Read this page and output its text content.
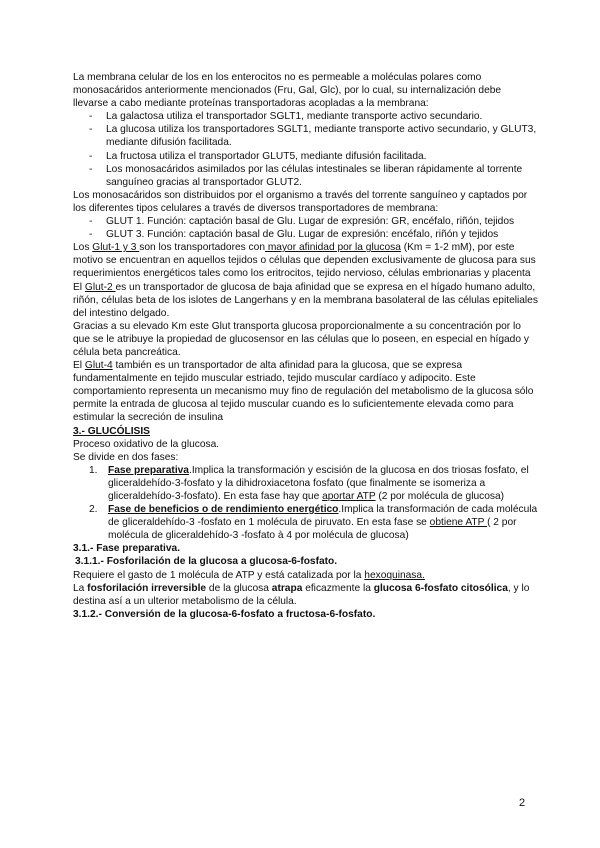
La membrana celular de los en los enterocitos no es permeable a moléculas polares como monosacáridos anteriormente mencionados (Fru, Gal, Glc), por lo cual, su internalización debe llevarse a cabo mediante proteínas transportadoras acopladas a la membrana:

- La galactosa utiliza el transportador SGLT1, mediante transporte activo secundario.
- La glucosa utiliza los transportadores SGLT1, mediante transporte activo secundario, y GLUT3, mediante difusión facilitada.
- La fructosa utiliza el transportador GLUT5, mediante difusión facilitada.
- Los monosacáridos asimilados por las células intestinales se liberan rápidamente al torrente sanguíneo gracias al transportador GLUT2.

Los monosacáridos son distribuidos por el organismo a través del torrente sanguíneo y captados por los diferentes tipos celulares a través de diversos transportadores de membrana:

- GLUT 1. Función: captación basal de Glu. Lugar de expresión: GR, encéfalo, riñón, tejidos
- GLUT 3. Función: captación basal de Glu. Lugar de expresión: encéfalo, riñón y tejidos

Los Glut-1 y 3 son los transportadores con mayor afinidad por la glucosa (Km = 1-2 mM), por este motivo se encuentran en aquellos tejidos o células que dependen exclusivamente de glucosa para sus requerimientos energéticos tales como los eritrocitos, tejido nervioso, células embrionarias y placenta

El Glut-2 es un transportador de glucosa de baja afinidad que se expresa en el hígado humano adulto, riñón, células beta de los islotes de Langerhans y en la membrana basolateral de las células epiteliales del intestino delgado.

Gracias a su elevado Km este Glut transporta glucosa proporcionalmente a su concentración por lo que se le atribuye la propiedad de glucosensor en las células que lo poseen, en especial en hígado y célula beta pancreática.

El Glut-4 también es un transportador de alta afinidad para la glucosa, que se expresa fundamentalmente en tejido muscular estriado, tejido muscular cardíaco y adipocito. Este comportamiento representa un mecanismo muy fino de regulación del metabolismo de la glucosa sólo permite la entrada de glucosa al tejido muscular cuando es lo suficientemente elevada como para estimular la secreción de insulina

3.- GLUCÓLISIS

Proceso oxidativo de la glucosa.

Se divide en dos fases:

1. Fase preparativa.Implica la transformación y escisión de la glucosa en dos triosas fosfato, el gliceraldehído-3-fosfato y la dihidroxiacetona fosfato (que finalmente se isomeriza a gliceraldehído-3-fosfato). En esta fase hay que aportar ATP (2 por molécula de glucosa)
2. Fase de beneficios o de rendimiento energético.Implica la transformación de cada molécula de gliceraldehído-3 -fosfato en 1 molécula de piruvato. En esta fase se obtiene ATP ( 2 por molécula de gliceraldehído-3 -fosfato à 4 por molécula de glucosa)

3.1.- Fase preparativa.

3.1.1.- Fosforilación de la glucosa a glucosa-6-fosfato.

Requiere el gasto de 1 molécula de ATP y está catalizada por la hexoquinasa.

La fosforilación irreversible de la glucosa atrapa eficazmente la glucosa 6-fosfato citosólica, y lo destina así a un ulterior metabolismo de la célula.

3.1.2.- Conversión de la glucosa-6-fosfato a fructosa-6-fosfato.

2
